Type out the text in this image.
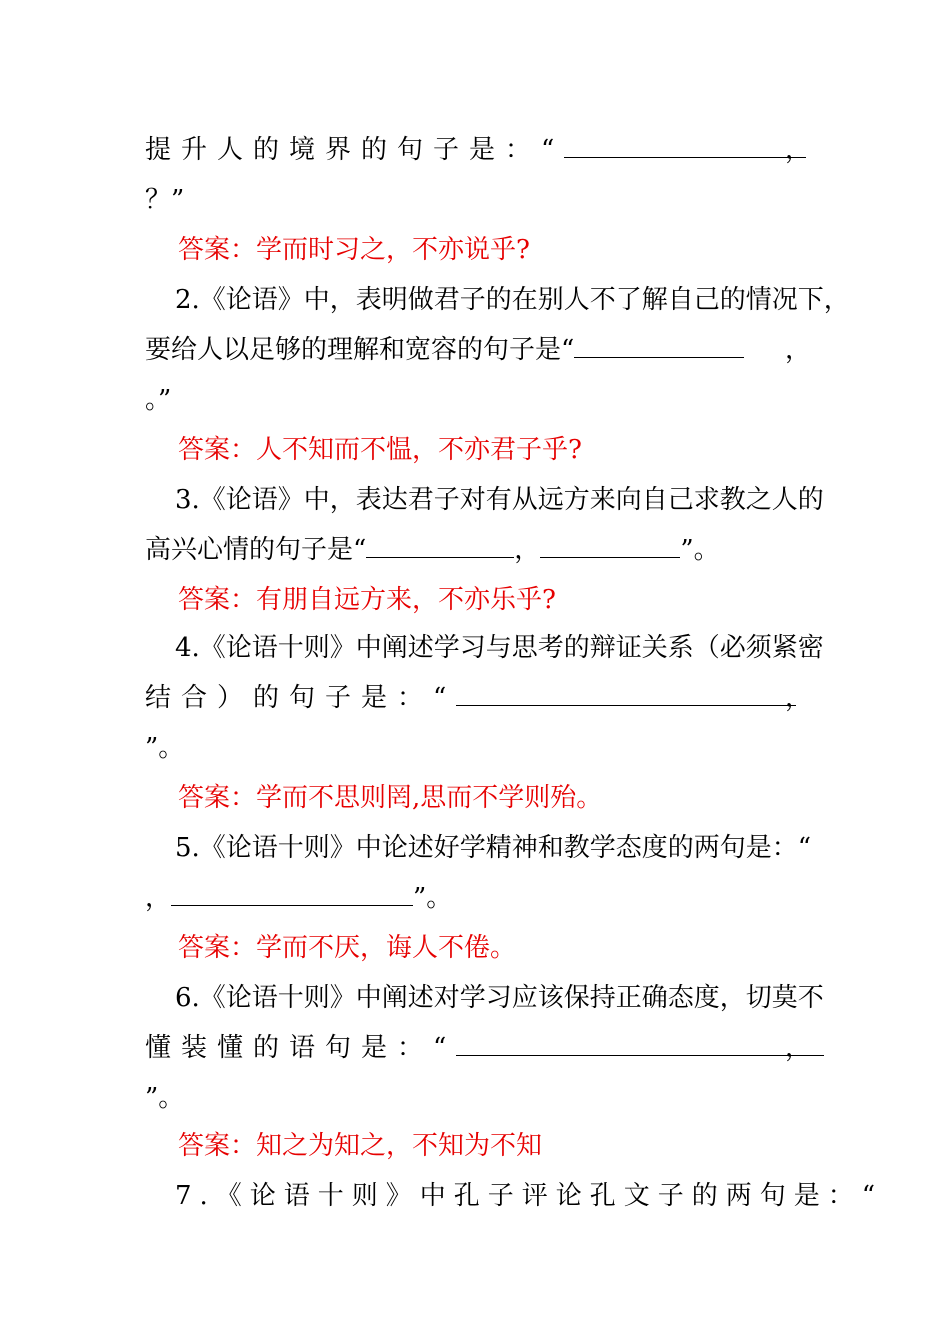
提升人的境界的句子是：“	，
？”
答案：学而时习之，不亦说乎?
2.《论语》中，表明做君子的在别人不了解自己的情况下，
要给人以足够的理解和宽容的句子是“	，
。”
答案：人不知而不愠，不亦君子乎?
3.《论语》中，表达君子对有从远方来向自己求教之人的
高兴心情的句子是“	，	”。
答案：有朋自远方来，不亦乐乎?
4.《论语十则》中阐述学习与思考的辩证关系（必须紧密
结合）的句子是：“	，
”。
答案：学而不思则罔,思而不学则殆。
5.《论语十则》中论述好学精神和教学态度的两句是：“
，	”。
答案：学而不厌，诲人不倦。
6.《论语十则》中阐述对学习应该保持正确态度，切莫不
懂装懂的语句是：“	，
”。
答案：知之为知之，不知为不知
7.《论语十则》中孔子评论孔文子的两句是：“
